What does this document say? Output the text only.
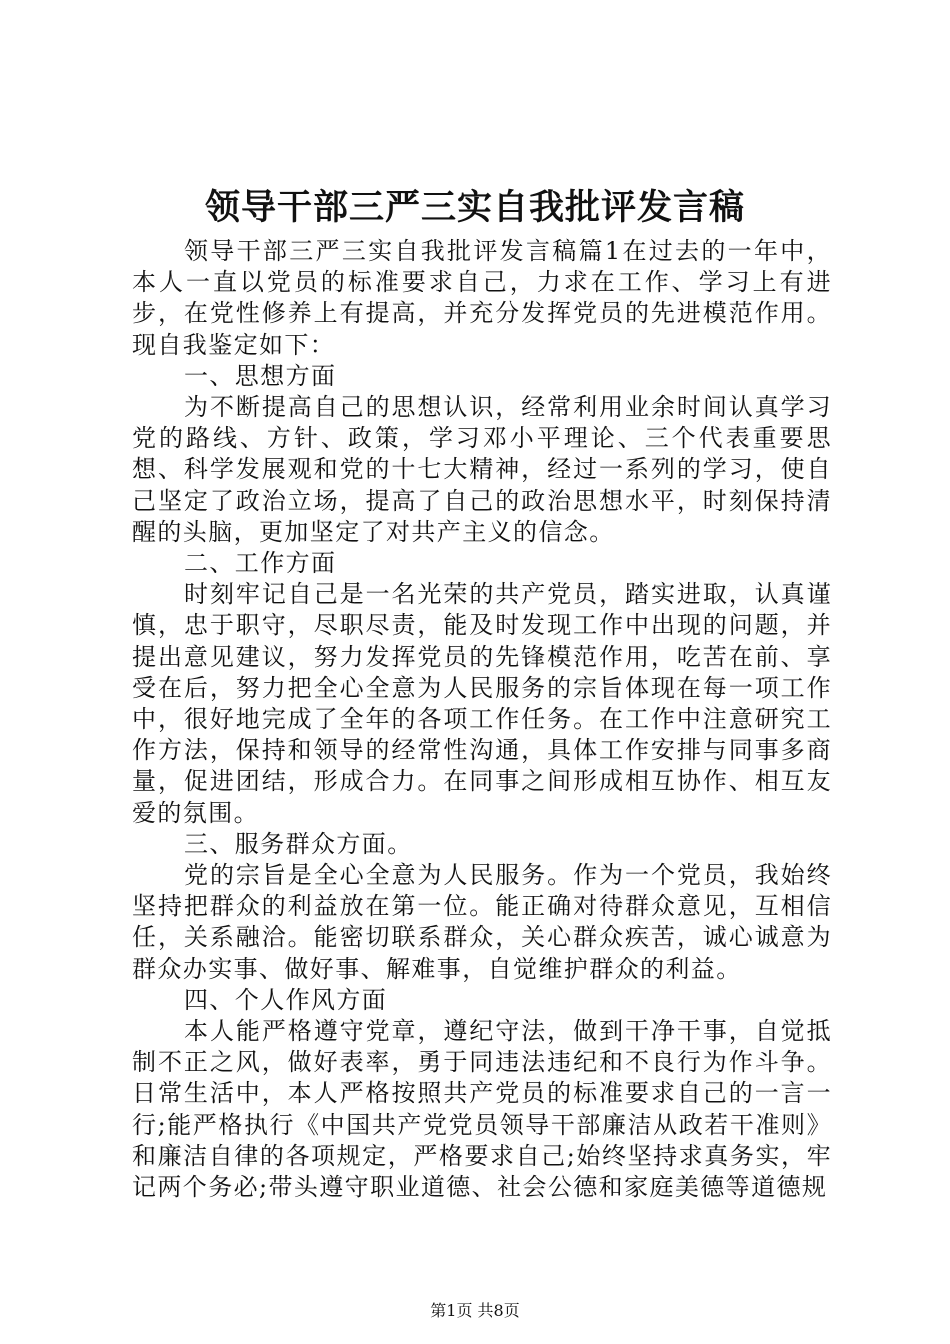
领导干部三严三实自我批评发言稿

领导干部三严三实自我批评发言稿篇1在过去的一年中，本人一直以党员的标准要求自己，力求在工作、学习上有进步，在党性修养上有提高，并充分发挥党员的先进模范作用。现自我鉴定如下：

一、思想方面

为不断提高自己的思想认识，经常利用业余时间认真学习党的路线、方针、政策，学习邓小平理论、三个代表重要思想、科学发展观和党的十七大精神，经过一系列的学习，使自己坚定了政治立场，提高了自己的政治思想水平，时刻保持清醒的头脑，更加坚定了对共产主义的信念。

二、工作方面

时刻牢记自己是一名光荣的共产党员，踏实进取，认真谨慎，忠于职守，尽职尽责，能及时发现工作中出现的问题，并提出意见建议，努力发挥党员的先锋模范作用，吃苦在前、享受在后，努力把全心全意为人民服务的宗旨体现在每一项工作中，很好地完成了全年的各项工作任务。在工作中注意研究工作方法，保持和领导的经常性沟通，具体工作安排与同事多商量，促进团结，形成合力。在同事之间形成相互协作、相互友爱的氛围。

三、服务群众方面。

党的宗旨是全心全意为人民服务。作为一个党员，我始终坚持把群众的利益放在第一位。能正确对待群众意见，互相信任，关系融洽。能密切联系群众，关心群众疾苦，诚心诚意为群众办实事、做好事、解难事，自觉维护群众的利益。

四、个人作风方面

本人能严格遵守党章，遵纪守法，做到干净干事，自觉抵制不正之风，做好表率，勇于同违法违纪和不良行为作斗争。日常生活中，本人严格按照共产党员的标准要求自己的一言一行;能严格执行《中国共产党党员领导干部廉洁从政若干准则》和廉洁自律的各项规定，严格要求自己;始终坚持求真务实，牢记两个务必;带头遵守职业道德、社会公德和家庭美德等道德规

第1页 共8页
